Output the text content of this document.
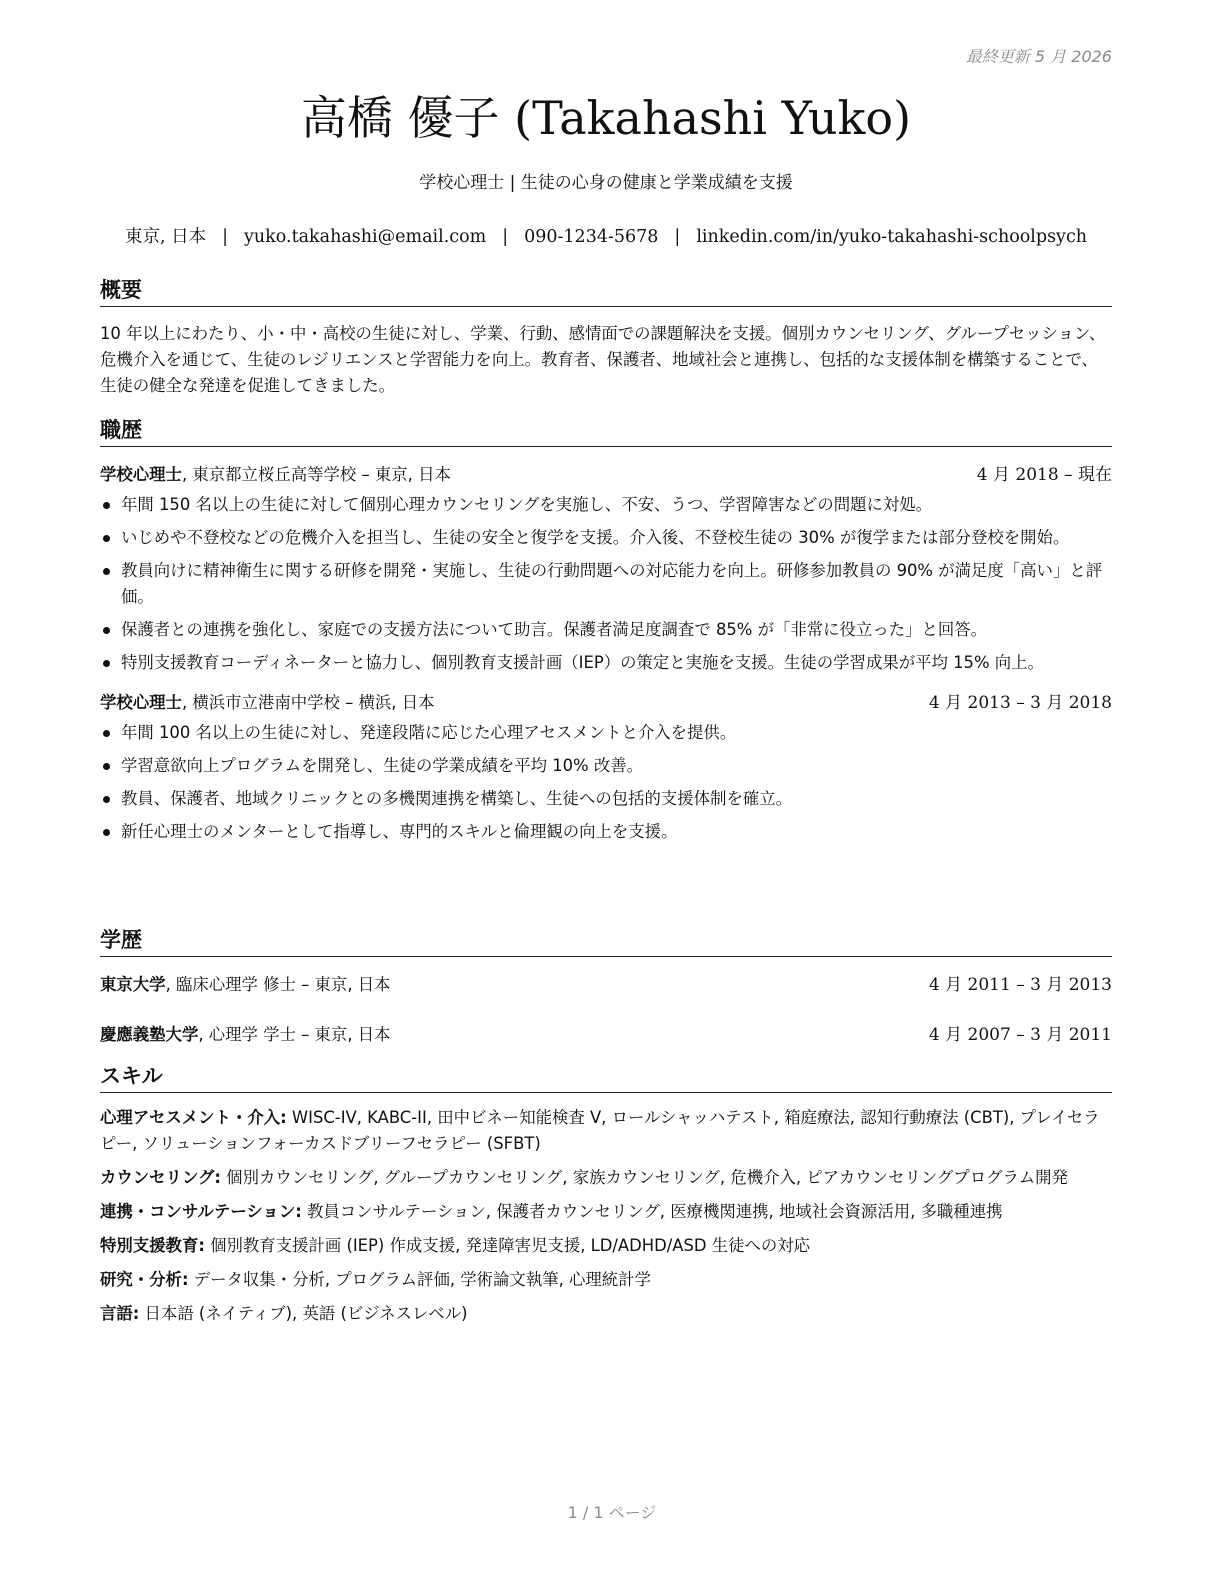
最終更新 5 月 2026
高橋 優子 (Takahashi Yuko)
学校心理士 | 生徒の心身の健康と学業成績を支援
東京, 日本 | yuko.takahashi@email.com | 090-1234-5678 | linkedin.com/in/yuko-takahashi-schoolpsych
概要
10 年以上にわたり、小・中・高校の生徒に対し、学業、行動、感情面での課題解決を支援。個別カウンセリング、グループセッション、危機介入を通じて、生徒のレジリエンスと学習能力を向上。教育者、保護者、地域社会と連携し、包括的な支援体制を構築することで、生徒の健全な発達を促進してきました。
職歴
学校心理士, 東京都立桜丘高等学校 – 東京, 日本	4 月 2018 – 現在
年間 150 名以上の生徒に対して個別心理カウンセリングを実施し、不安、うつ、学習障害などの問題に対処。
いじめや不登校などの危機介入を担当し、生徒の安全と復学を支援。介入後、不登校生徒の 30% が復学または部分登校を開始。
教員向けに精神衛生に関する研修を開発・実施し、生徒の行動問題への対応能力を向上。研修参加教員の 90% が満足度「高い」と評価。
保護者との連携を強化し、家庭での支援方法について助言。保護者満足度調査で 85% が「非常に役立った」と回答。
特別支援教育コーディネーターと協力し、個別教育支援計画（IEP）の策定と実施を支援。生徒の学習成果が平均 15% 向上。
学校心理士, 横浜市立港南中学校 – 横浜, 日本	4 月 2013 – 3 月 2018
年間 100 名以上の生徒に対し、発達段階に応じた心理アセスメントと介入を提供。
学習意欲向上プログラムを開発し、生徒の学業成績を平均 10% 改善。
教員、保護者、地域クリニックとの多機関連携を構築し、生徒への包括的支援体制を確立。
新任心理士のメンターとして指導し、専門的スキルと倫理観の向上を支援。
学歴
東京大学, 臨床心理学 修士 – 東京, 日本	4 月 2011 – 3 月 2013
慶應義塾大学, 心理学 学士 – 東京, 日本	4 月 2007 – 3 月 2011
スキル
心理アセスメント・介入: WISC-IV, KABC-II, 田中ビネー知能検査 V, ロールシャッハテスト, 箱庭療法, 認知行動療法 (CBT), プレイセラピー, ソリューションフォーカスドブリーフセラピー (SFBT)
カウンセリング: 個別カウンセリング, グループカウンセリング, 家族カウンセリング, 危機介入, ピアカウンセリングプログラム開発
連携・コンサルテーション: 教員コンサルテーション, 保護者カウンセリング, 医療機関連携, 地域社会資源活用, 多職種連携
特別支援教育: 個別教育支援計画 (IEP) 作成支援, 発達障害児支援, LD/ADHD/ASD 生徒への対応
研究・分析: データ収集・分析, プログラム評価, 学術論文執筆, 心理統計学
言語: 日本語 (ネイティブ), 英語 (ビジネスレベル)
1 / 1 ページ
